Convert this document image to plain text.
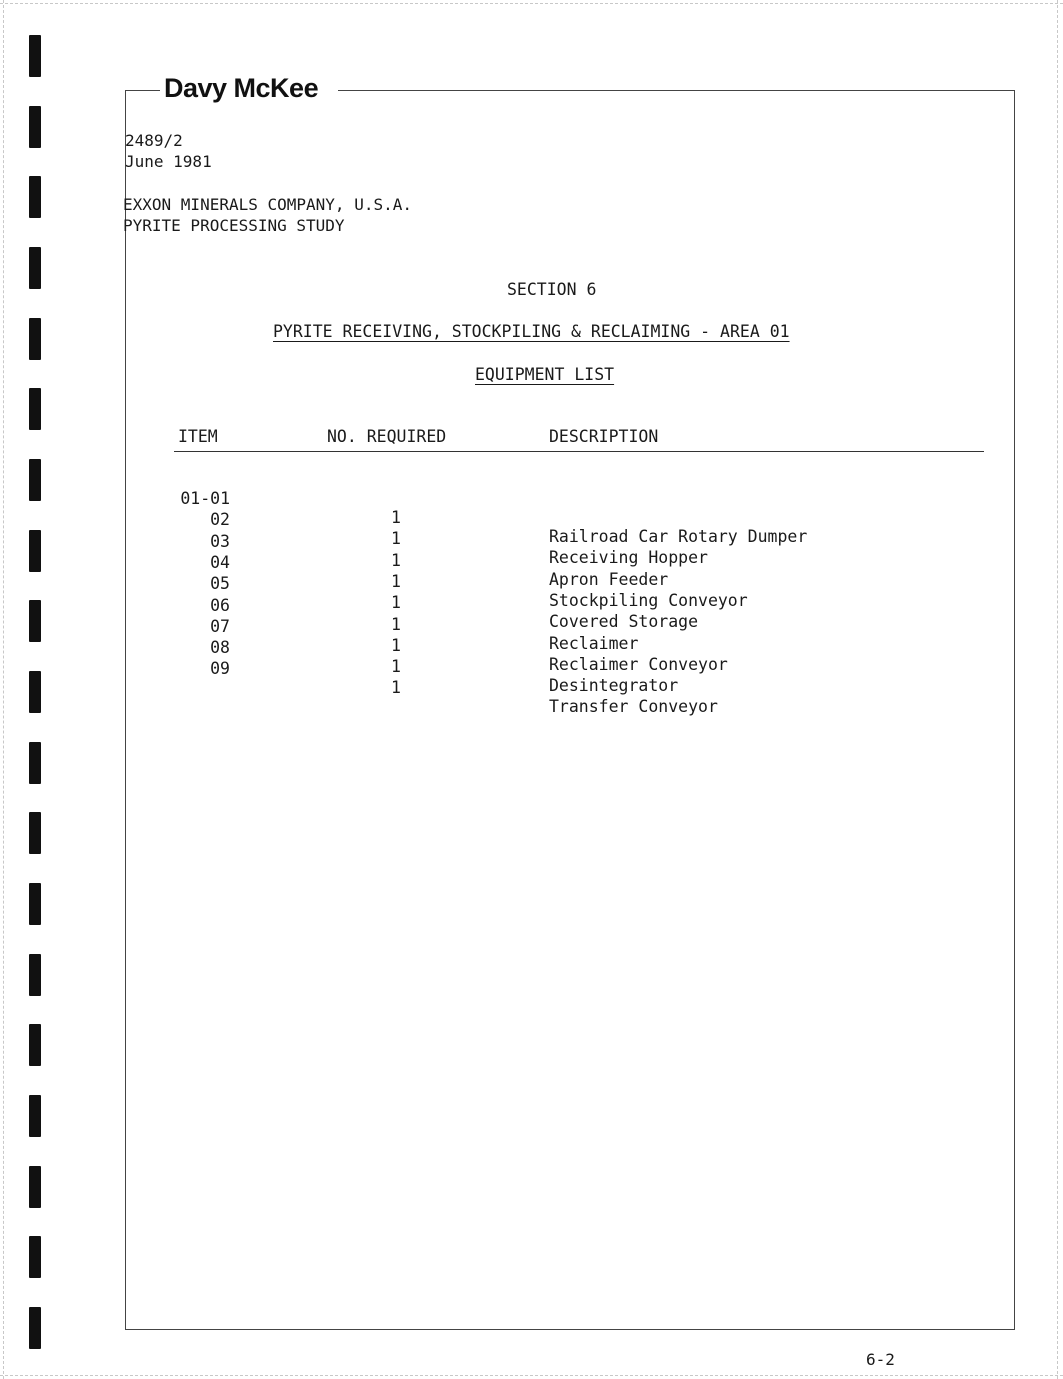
Davy McKee
2489/2
June 1981
EXXON MINERALS COMPANY, U.S.A.
PYRITE PROCESSING STUDY
SECTION 6
PYRITE RECEIVING, STOCKPILING & RECLAIMING - AREA 01
EQUIPMENT LIST
ITEM	NO. REQUIRED	DESCRIPTION

01-01

1

Railroad Car Rotary Dumper

02

1

Receiving Hopper

03

1

Apron Feeder

04

1

Stockpiling Conveyor

05

1

Covered Storage

06

1

Reclaimer

07

1

Reclaimer Conveyor

08

1

Desintegrator

09

1

Transfer Conveyor

6-2
